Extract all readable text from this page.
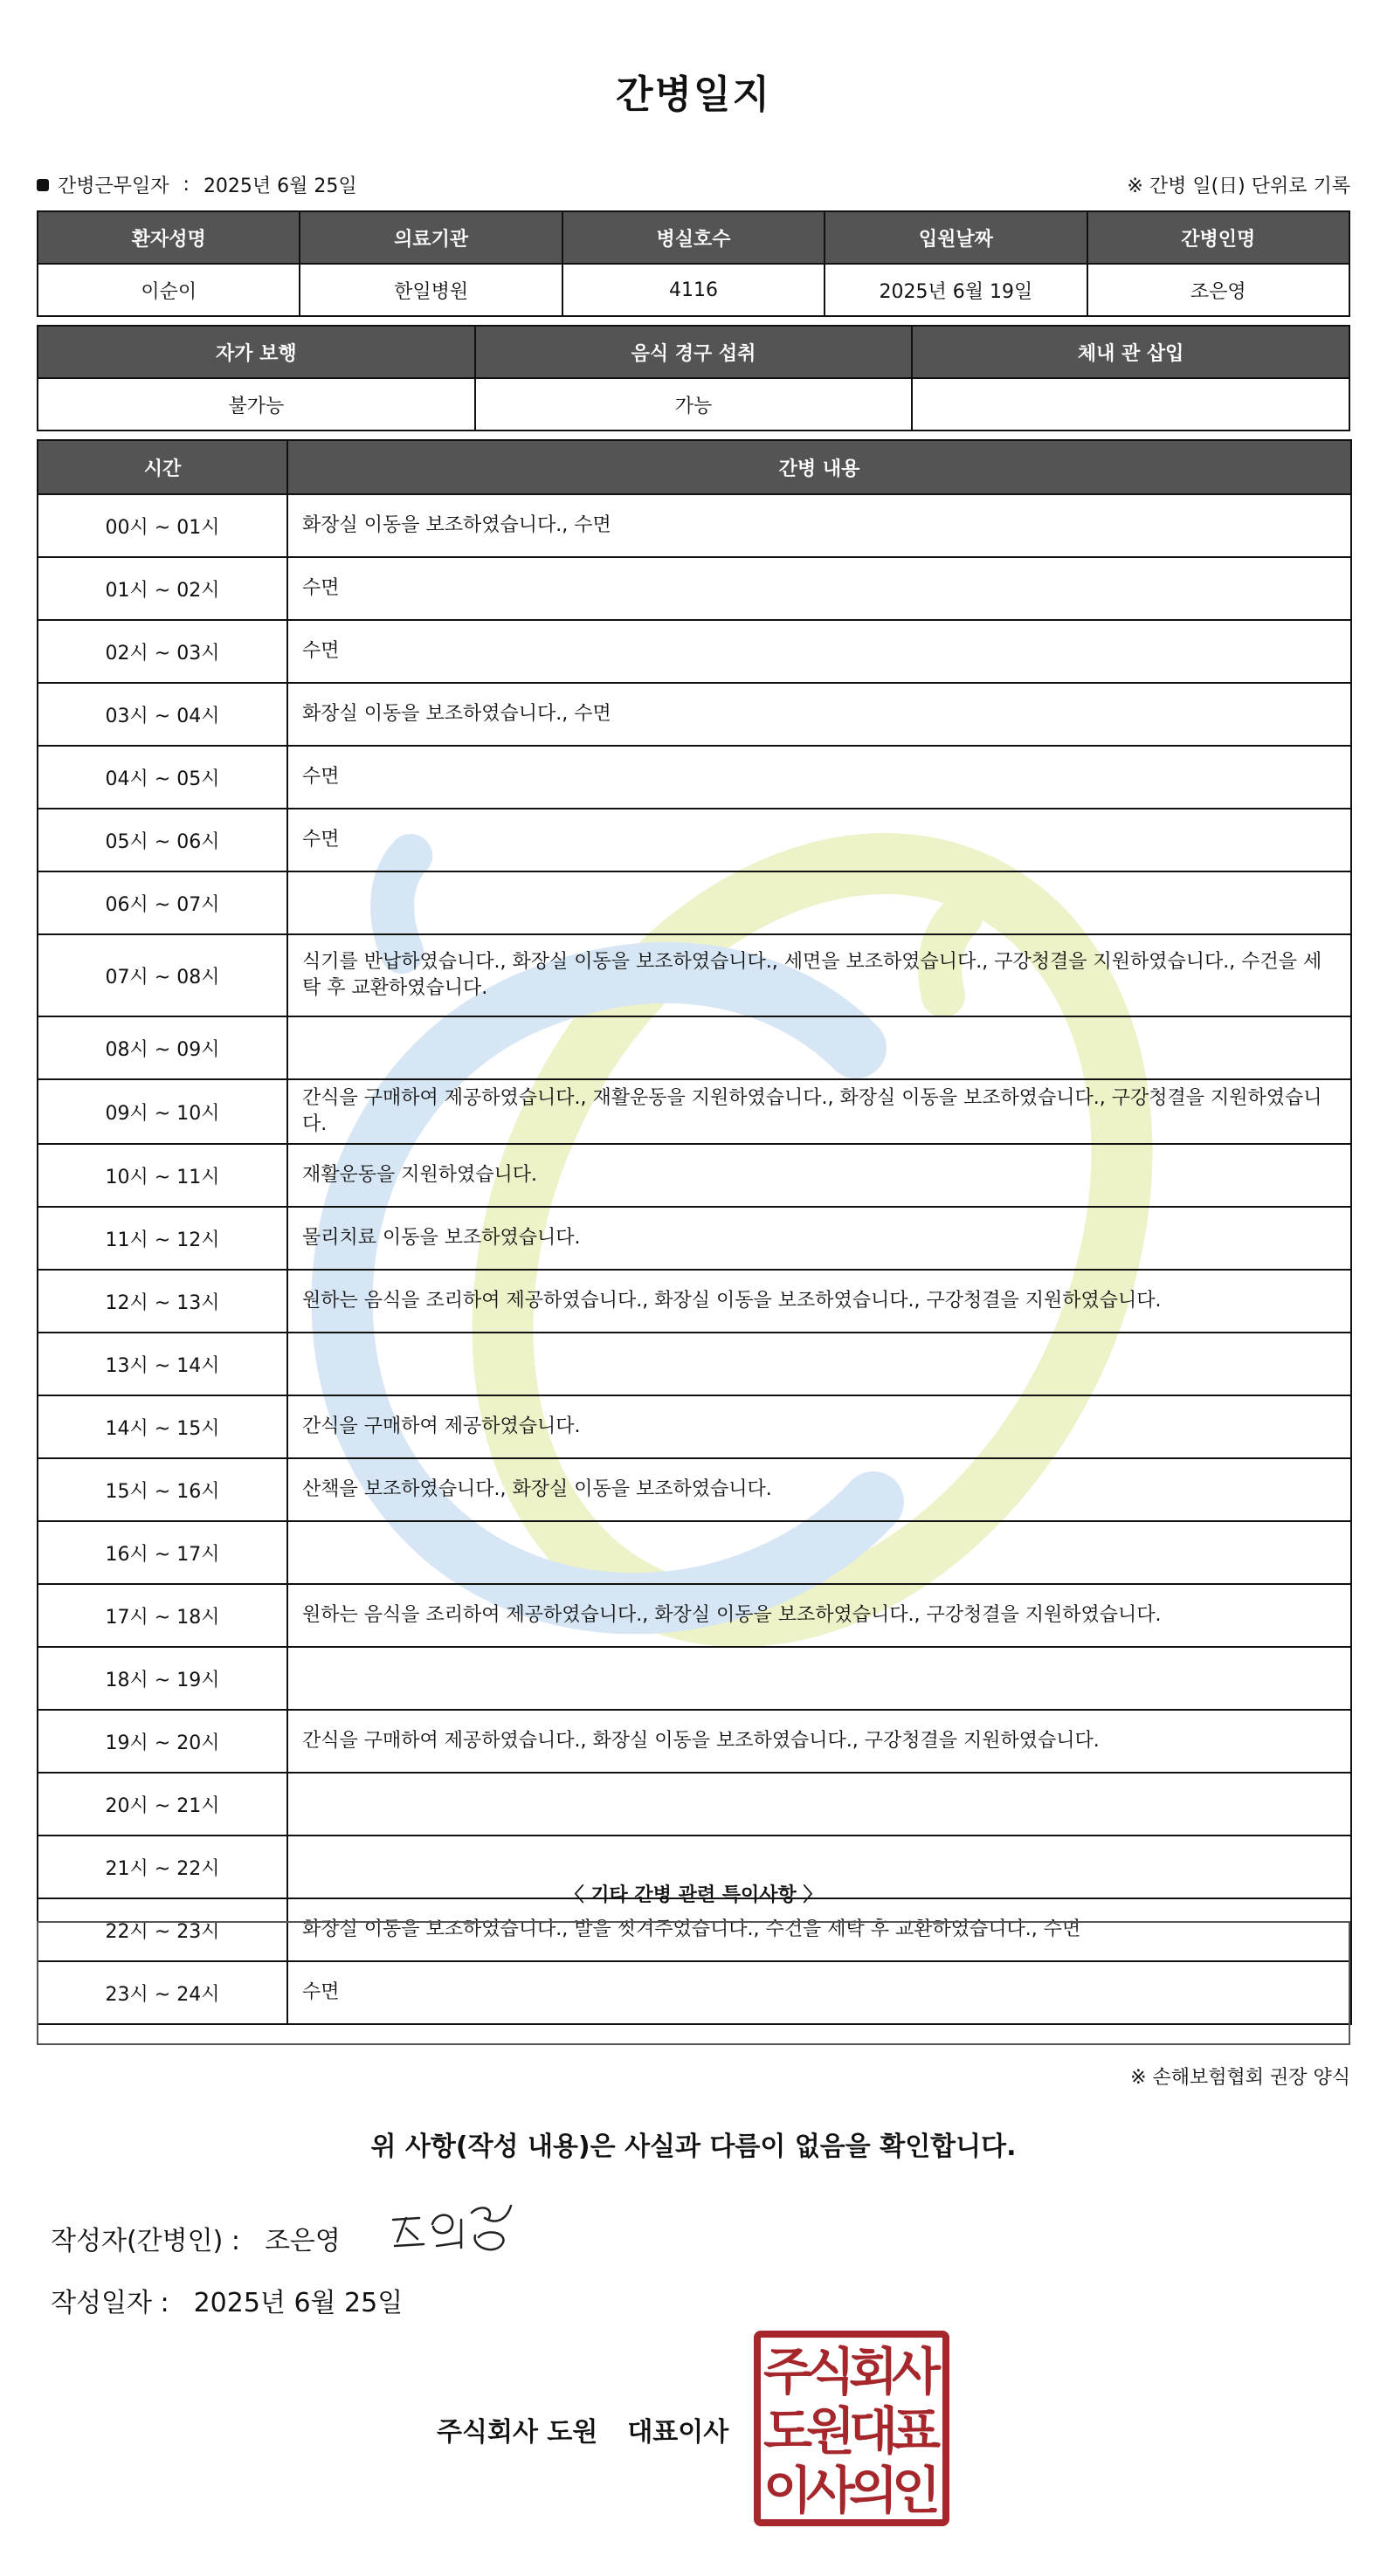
간병일지
간병근무일자 : 2025년 6월 25일	※ 간병 일(日) 단위로 기록
환자성명	의료기관	병실호수	입원날짜	간병인명
이순이	한일병원	4116	2025년 6월 19일	조은영
자가 보행	음식 경구 섭취	체내 관 삽입
불가능	가능	
시간	간병 내용
00시 ~ 01시	화장실 이동을 보조하였습니다., 수면
01시 ~ 02시	수면
02시 ~ 03시	수면
03시 ~ 04시	화장실 이동을 보조하였습니다., 수면
04시 ~ 05시	수면
05시 ~ 06시	수면
06시 ~ 07시	
07시 ~ 08시	식기를 반납하였습니다., 화장실 이동을 보조하였습니다., 세면을 보조하였습니다., 구강청결을 지원하였습니다., 수건을 세탁 후 교환하였습니다.
08시 ~ 09시	
09시 ~ 10시	간식을 구매하여 제공하였습니다., 재활운동을 지원하였습니다., 화장실 이동을 보조하였습니다., 구강청결을 지원하였습니다.
10시 ~ 11시	재활운동을 지원하였습니다.
11시 ~ 12시	물리치료 이동을 보조하였습니다.
12시 ~ 13시	원하는 음식을 조리하여 제공하였습니다., 화장실 이동을 보조하였습니다., 구강청결을 지원하였습니다.
13시 ~ 14시	
14시 ~ 15시	간식을 구매하여 제공하였습니다.
15시 ~ 16시	산책을 보조하였습니다., 화장실 이동을 보조하였습니다.
16시 ~ 17시	
17시 ~ 18시	원하는 음식을 조리하여 제공하였습니다., 화장실 이동을 보조하였습니다., 구강청결을 지원하였습니다.
18시 ~ 19시	
19시 ~ 20시	간식을 구매하여 제공하였습니다., 화장실 이동을 보조하였습니다., 구강청결을 지원하였습니다.
20시 ~ 21시	
21시 ~ 22시	
22시 ~ 23시	화장실 이동을 보조하였습니다., 발을 씻겨주었습니다., 수건을 세탁 후 교환하였습니다., 수면
23시 ~ 24시	수면
〈 기타 간병 관련 특이사항 〉
※ 손해보험협회 권장 양식
위 사항(작성 내용)은 사실과 다름이 없음을 확인합니다.
작성자(간병인) : 조은영
작성일자 : 2025년 6월 25일
주식회사 도원 대표이사
주
식
회
사
도
원
대
표
이
사
의
인
